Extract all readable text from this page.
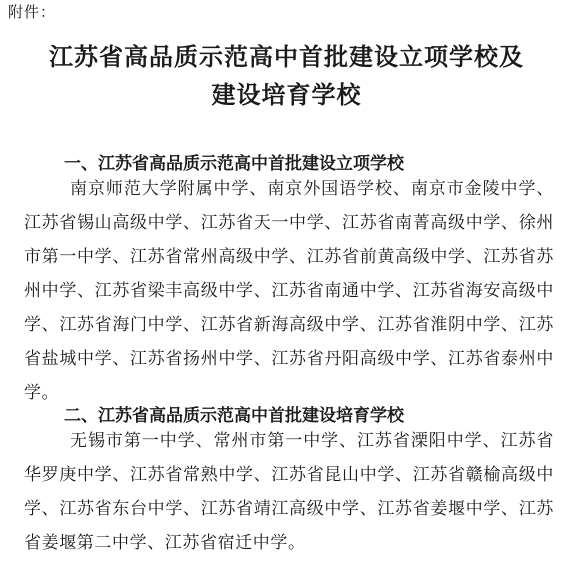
附件：
江苏省高品质示范高中首批建设立项学校及
建设培育学校
一、江苏省高品质示范高中首批建设立项学校
南京师范大学附属中学、南京外国语学校、南京市金陵中学、江苏省锡山高级中学、江苏省天一中学、江苏省南菁高级中学、徐州市第一中学、江苏省常州高级中学、江苏省前黄高级中学、江苏省苏州中学、江苏省梁丰高级中学、江苏省南通中学、江苏省海安高级中学、江苏省海门中学、江苏省新海高级中学、江苏省淮阴中学、江苏省盐城中学、江苏省扬州中学、江苏省丹阳高级中学、江苏省泰州中学。
二、江苏省高品质示范高中首批建设培育学校
无锡市第一中学、常州市第一中学、江苏省溧阳中学、江苏省华罗庚中学、江苏省常熟中学、江苏省昆山中学、江苏省赣榆高级中学、江苏省东台中学、江苏省靖江高级中学、江苏省姜堰中学、江苏省姜堰第二中学、江苏省宿迁中学。
